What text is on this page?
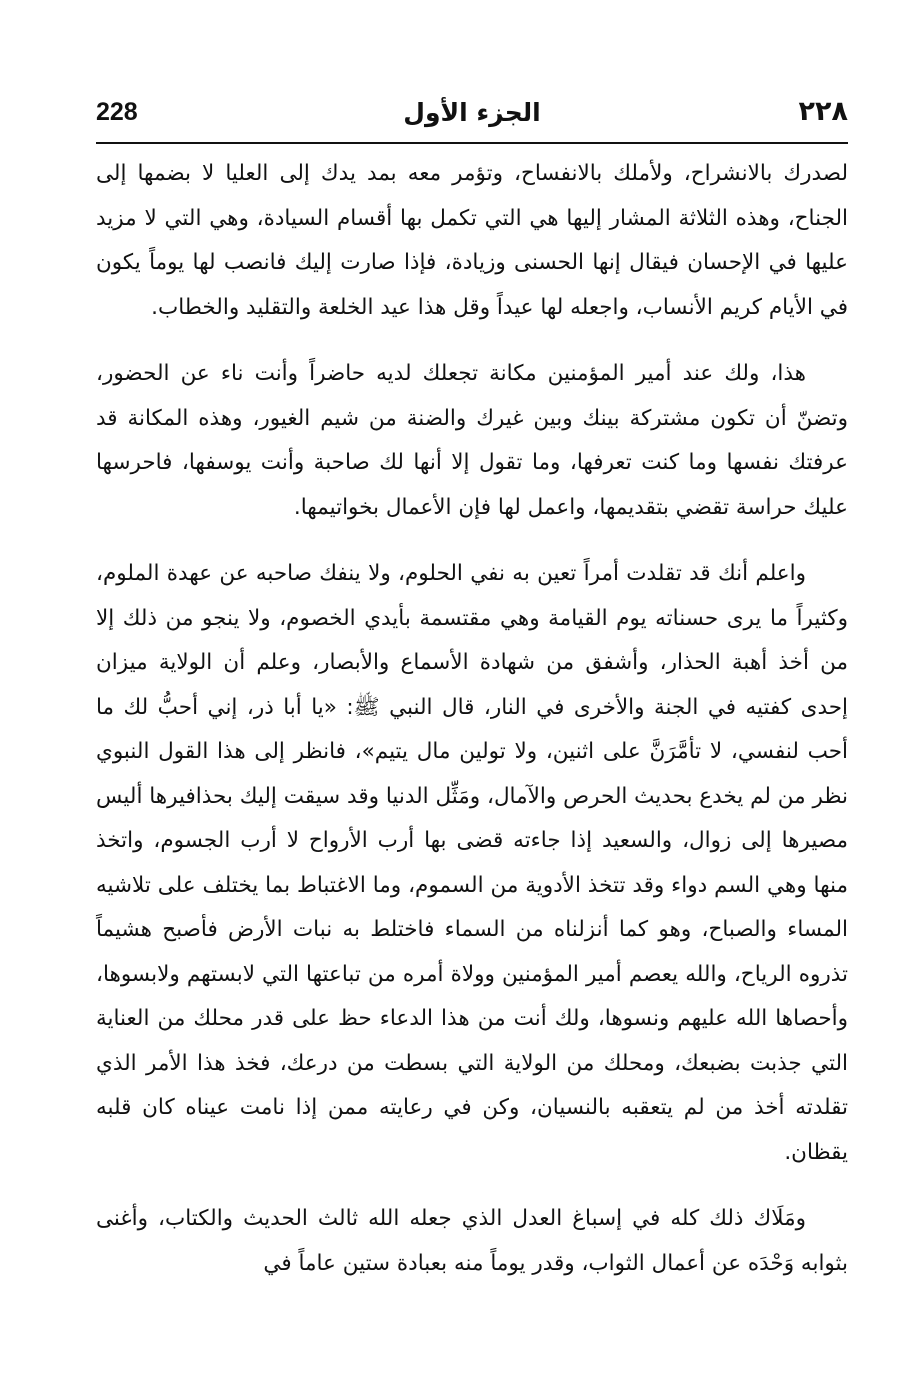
٢٢٨
الجزء الأول
228

لصدرك بالانشراح، ولأملك بالانفساح، وتؤمر معه بمد يدك إلى العليا لا بضمها إلى الجناح، وهذه الثلاثة المشار إليها هي التي تكمل بها أقسام السيادة، وهي التي لا مزيد عليها في الإحسان فيقال إنها الحسنى وزيادة، فإذا صارت إليك فانصب لها يوماً يكون في الأيام كريم الأنساب، واجعله لها عيداً وقل هذا عيد الخلعة والتقليد والخطاب.

هذا، ولك عند أمير المؤمنين مكانة تجعلك لديه حاضراً وأنت ناء عن الحضور، وتضنّ أن تكون مشتركة بينك وبين غيرك والضنة من شيم الغيور، وهذه المكانة قد عرفتك نفسها وما كنت تعرفها، وما تقول إلا أنها لك صاحبة وأنت يوسفها، فاحرسها عليك حراسة تقضي بتقديمها، واعمل لها فإن الأعمال بخواتيمها.

واعلم أنك قد تقلدت أمراً تعين به نفي الحلوم، ولا ينفك صاحبه عن عهدة الملوم، وكثيراً ما يرى حسناته يوم القيامة وهي مقتسمة بأيدي الخصوم، ولا ينجو من ذلك إلا من أخذ أهبة الحذار، وأشفق من شهادة الأسماع والأبصار، وعلم أن الولاية ميزان إحدى كفتيه في الجنة والأخرى في النار، قال النبي ﷺ: «يا أبا ذر، إني أحبُّ لك ما أحب لنفسي، لا تأمَّرَنَّ على اثنين، ولا تولين مال يتيم»، فانظر إلى هذا القول النبوي نظر من لم يخدع بحديث الحرص والآمال، ومَثِّل الدنيا وقد سيقت إليك بحذافيرها أليس مصيرها إلى زوال، والسعيد إذا جاءته قضى بها أرب الأرواح لا أرب الجسوم، واتخذ منها وهي السم دواء وقد تتخذ الأدوية من السموم، وما الاغتباط بما يختلف على تلاشيه المساء والصباح، وهو كما أنزلناه من السماء فاختلط به نبات الأرض فأصبح هشيماً تذروه الرياح، والله يعصم أمير المؤمنين وولاة أمره من تباعتها التي لابستهم ولابسوها، وأحصاها الله عليهم ونسوها، ولك أنت من هذا الدعاء حظ على قدر محلك من العناية التي جذبت بضبعك، ومحلك من الولاية التي بسطت من درعك، فخذ هذا الأمر الذي تقلدته أخذ من لم يتعقبه بالنسيان، وكن في رعايته ممن إذا نامت عيناه كان قلبه يقظان.

ومَلَاك ذلك كله في إسباغ العدل الذي جعله الله ثالث الحديث والكتاب، وأغنى بثوابه وَحْدَه عن أعمال الثواب، وقدر يوماً منه بعبادة ستين عاماً في
